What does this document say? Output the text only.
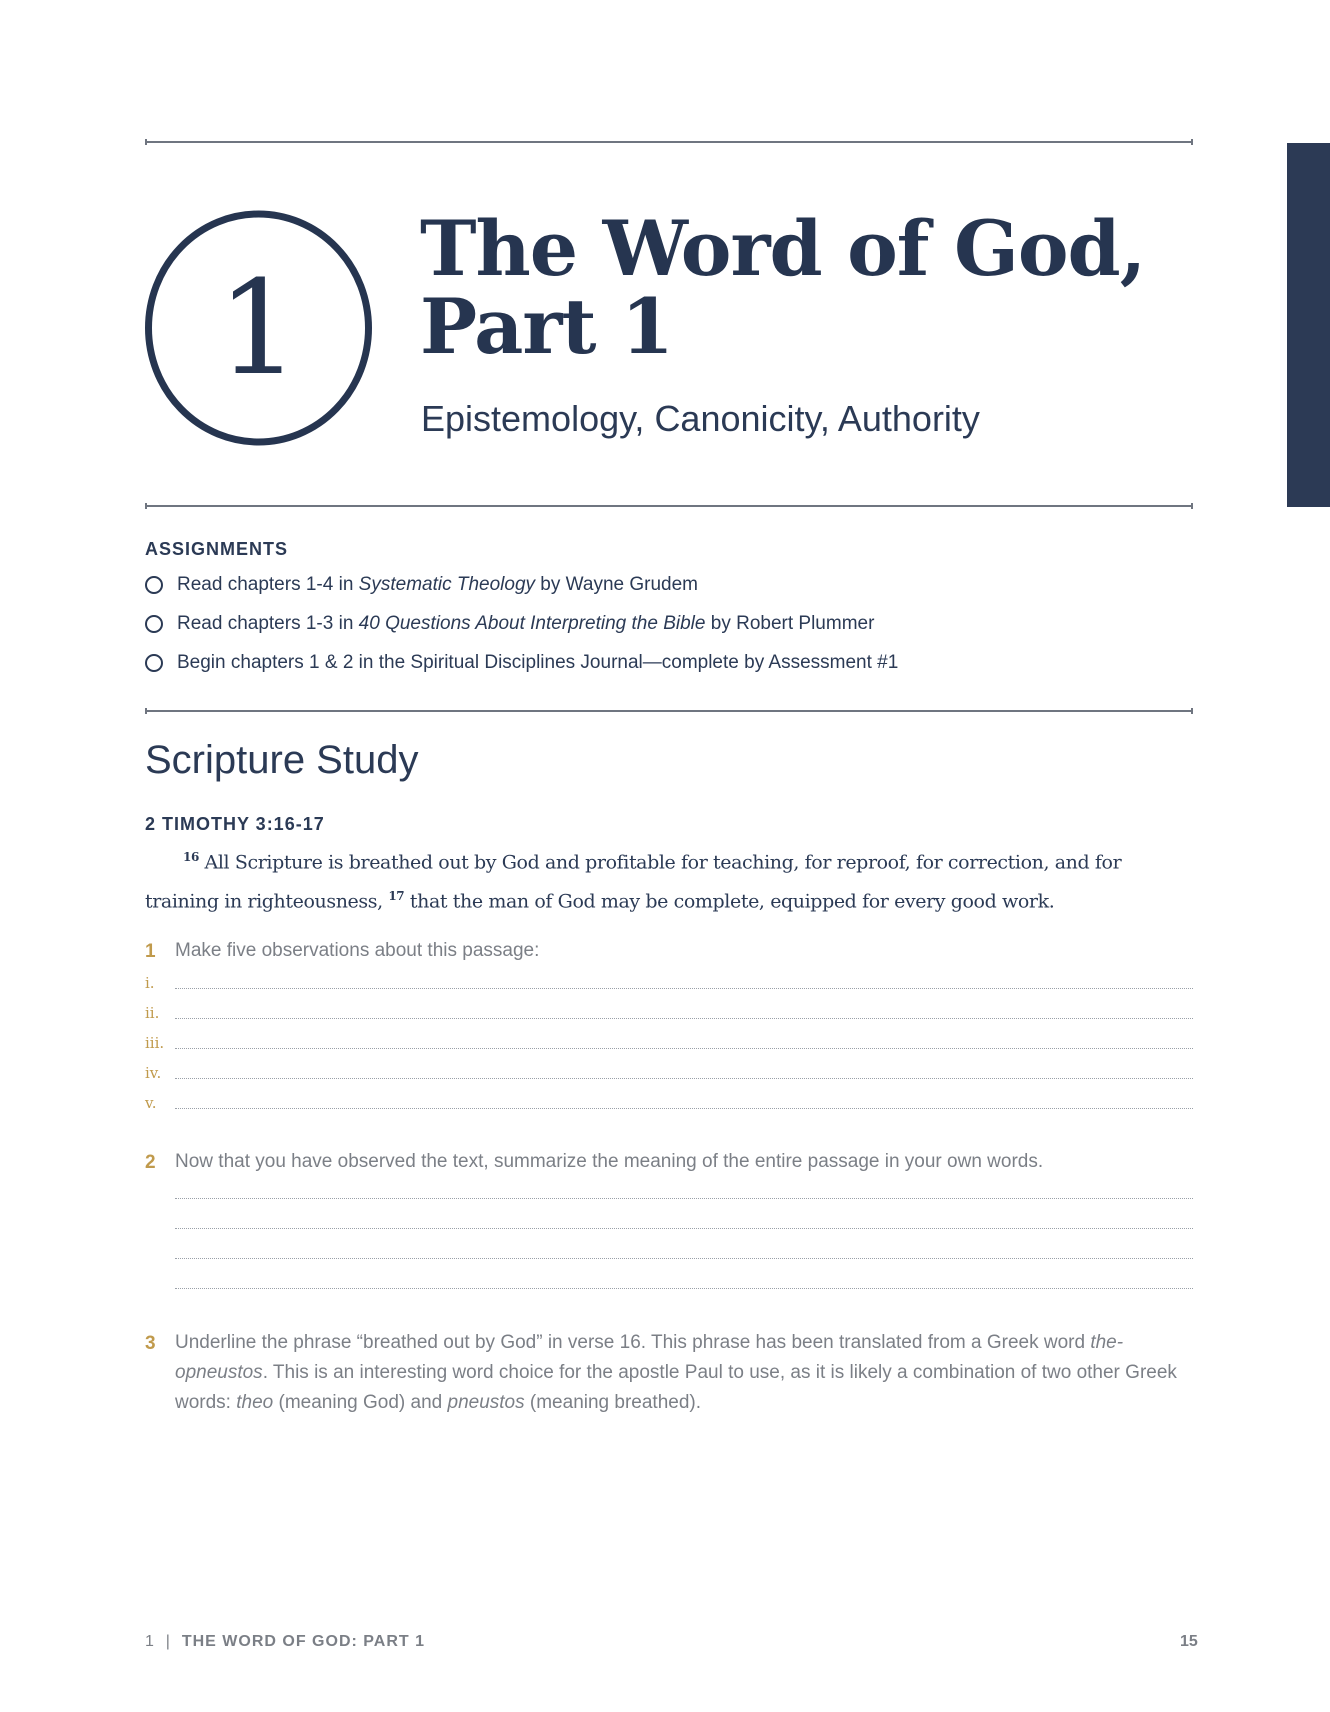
1
The Word of God,
Part 1
Epistemology, Canonicity, Authority
ASSIGNMENTS
Read chapters 1-4 in Systematic Theology by Wayne Grudem
Read chapters 1-3 in 40 Questions About Interpreting the Bible by Robert Plummer
Begin chapters 1 & 2 in the Spiritual Disciplines Journal—complete by Assessment #1
Scripture Study
2 TIMOTHY 3:16-17

$^{16}$ All Scripture is breathed out by God and profitable for teaching, for reproof, for correction, and for training in righteousness, $^{17}$ that the man of God may be complete, equipped for every good work.

1 Make five observations about this passage:

i.
ii.
iii.
iv.
v.
2 Now that you have observed the text, summarize the meaning of the entire passage in your own words.

3 Underline the phrase “breathed out by God” in verse 16. This phrase has been translated from a Greek word the-opneustos. This is an interesting word choice for the apostle Paul to use, as it is likely a combination of two other Greek words: theo (meaning God) and pneustos (meaning breathed).

1 | THE WORD OF GOD: PART 1	15
